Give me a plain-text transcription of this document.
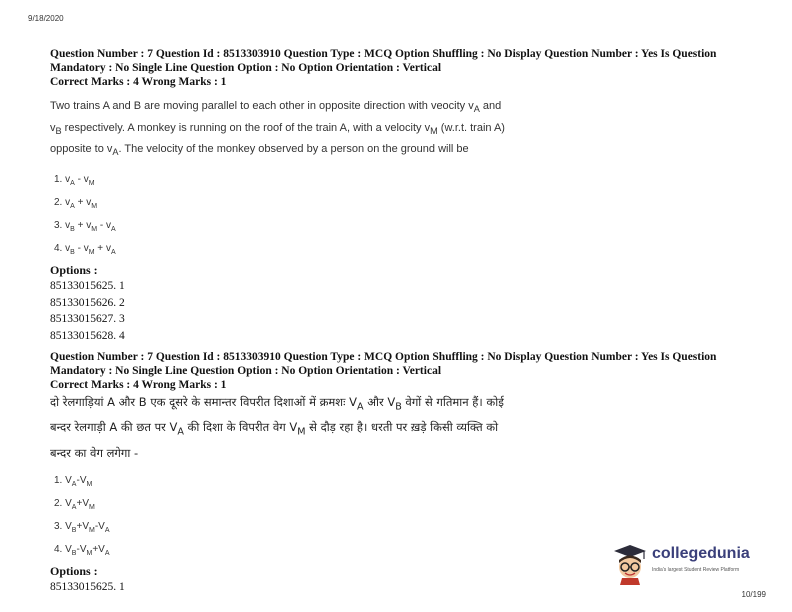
9/18/2020
Question Number : 7 Question Id : 8513303910 Question Type : MCQ Option Shuffling : No Display Question Number : Yes Is Question
Mandatory : No Single Line Question Option : No Option Orientation : Vertical
Correct Marks : 4 Wrong Marks : 1
Two trains A and B are moving parallel to each other in opposite direction with veocity $v_A$ and
$v_B$ respectively. A monkey is running on the roof of the train A, with a velocity $v_M$ (w.r.t. train A)
opposite to $v_A$. The velocity of the monkey observed by a person on the ground will be
1. $v_A - v_M$
2. $v_A + v_M$
3. $v_B + v_M - v_A$
4. $v_B - v_M + v_A$
Options :
85133015625. 1
85133015626. 2
85133015627. 3
85133015628. 4
Question Number : 7 Question Id : 8513303910 Question Type : MCQ Option Shuffling : No Display Question Number : Yes Is Question
Mandatory : No Single Line Question Option : No Option Orientation : Vertical
Correct Marks : 4 Wrong Marks : 1
दो रेलगाड़ियां A और B एक दूसरे के समान्तर विपरीत दिशाओं में क्रमशः $V_A$ और $V_B$ वेगों से गतिमान हैं। कोई
बन्दर रेलगाड़ी A की छत पर $V_A$ की दिशा के विपरीत वेग $V_M$ से दौड़ रहा है। धरती पर ख़ड़े किसी व्यक्ति को
बन्दर का वेग लगेगा -
1. $V_A-V_M$
2. $V_A+V_M$
3. $V_B+V_M-V_A$
4. $V_B-V_M+V_A$
Options :
85133015625. 1
collegedunia
India's largest Student Review Platform
10/199
